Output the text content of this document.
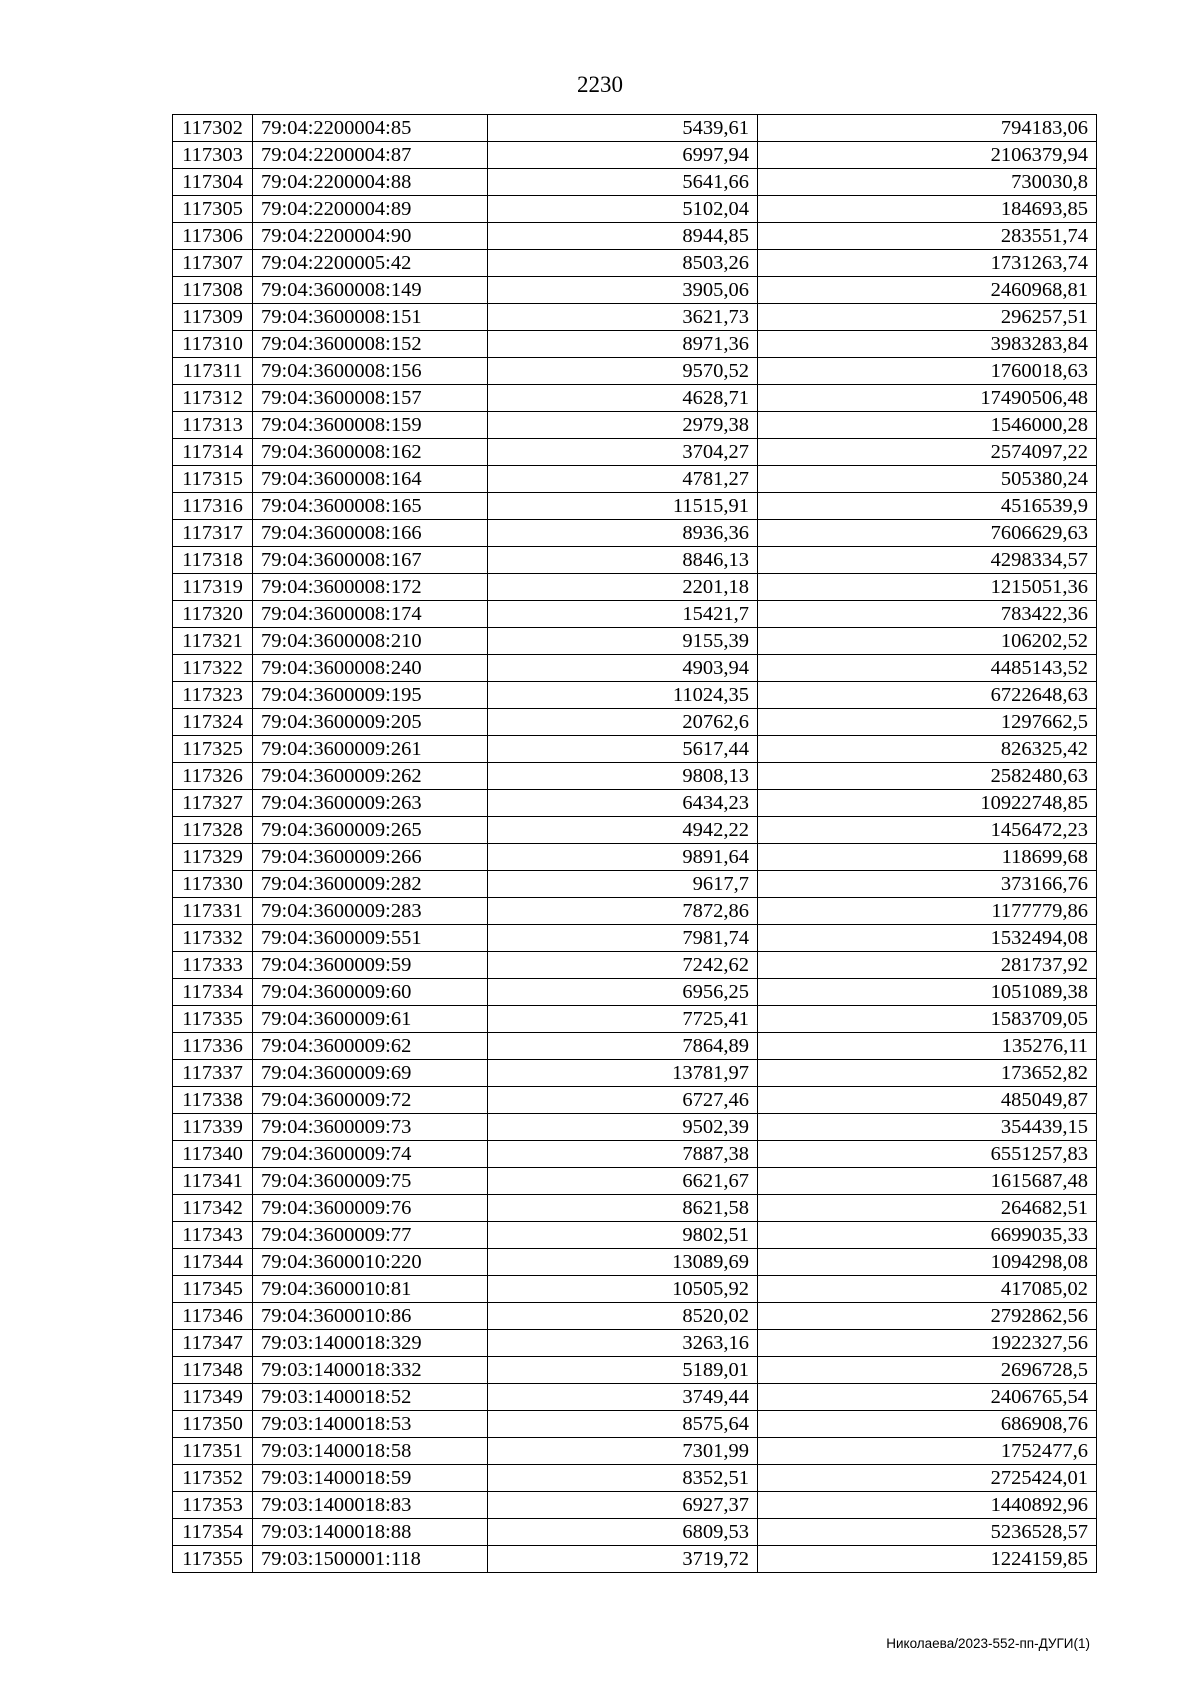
2230
117302	79:04:2200004:85	5439,61	794183,06
117303	79:04:2200004:87	6997,94	2106379,94
117304	79:04:2200004:88	5641,66	730030,8
117305	79:04:2200004:89	5102,04	184693,85
117306	79:04:2200004:90	8944,85	283551,74
117307	79:04:2200005:42	8503,26	1731263,74
117308	79:04:3600008:149	3905,06	2460968,81
117309	79:04:3600008:151	3621,73	296257,51
117310	79:04:3600008:152	8971,36	3983283,84
117311	79:04:3600008:156	9570,52	1760018,63
117312	79:04:3600008:157	4628,71	17490506,48
117313	79:04:3600008:159	2979,38	1546000,28
117314	79:04:3600008:162	3704,27	2574097,22
117315	79:04:3600008:164	4781,27	505380,24
117316	79:04:3600008:165	11515,91	4516539,9
117317	79:04:3600008:166	8936,36	7606629,63
117318	79:04:3600008:167	8846,13	4298334,57
117319	79:04:3600008:172	2201,18	1215051,36
117320	79:04:3600008:174	15421,7	783422,36
117321	79:04:3600008:210	9155,39	106202,52
117322	79:04:3600008:240	4903,94	4485143,52
117323	79:04:3600009:195	11024,35	6722648,63
117324	79:04:3600009:205	20762,6	1297662,5
117325	79:04:3600009:261	5617,44	826325,42
117326	79:04:3600009:262	9808,13	2582480,63
117327	79:04:3600009:263	6434,23	10922748,85
117328	79:04:3600009:265	4942,22	1456472,23
117329	79:04:3600009:266	9891,64	118699,68
117330	79:04:3600009:282	9617,7	373166,76
117331	79:04:3600009:283	7872,86	1177779,86
117332	79:04:3600009:551	7981,74	1532494,08
117333	79:04:3600009:59	7242,62	281737,92
117334	79:04:3600009:60	6956,25	1051089,38
117335	79:04:3600009:61	7725,41	1583709,05
117336	79:04:3600009:62	7864,89	135276,11
117337	79:04:3600009:69	13781,97	173652,82
117338	79:04:3600009:72	6727,46	485049,87
117339	79:04:3600009:73	9502,39	354439,15
117340	79:04:3600009:74	7887,38	6551257,83
117341	79:04:3600009:75	6621,67	1615687,48
117342	79:04:3600009:76	8621,58	264682,51
117343	79:04:3600009:77	9802,51	6699035,33
117344	79:04:3600010:220	13089,69	1094298,08
117345	79:04:3600010:81	10505,92	417085,02
117346	79:04:3600010:86	8520,02	2792862,56
117347	79:03:1400018:329	3263,16	1922327,56
117348	79:03:1400018:332	5189,01	2696728,5
117349	79:03:1400018:52	3749,44	2406765,54
117350	79:03:1400018:53	8575,64	686908,76
117351	79:03:1400018:58	7301,99	1752477,6
117352	79:03:1400018:59	8352,51	2725424,01
117353	79:03:1400018:83	6927,37	1440892,96
117354	79:03:1400018:88	6809,53	5236528,57
117355	79:03:1500001:118	3719,72	1224159,85
Николаева/2023-552-пп-ДУГИ(1)
